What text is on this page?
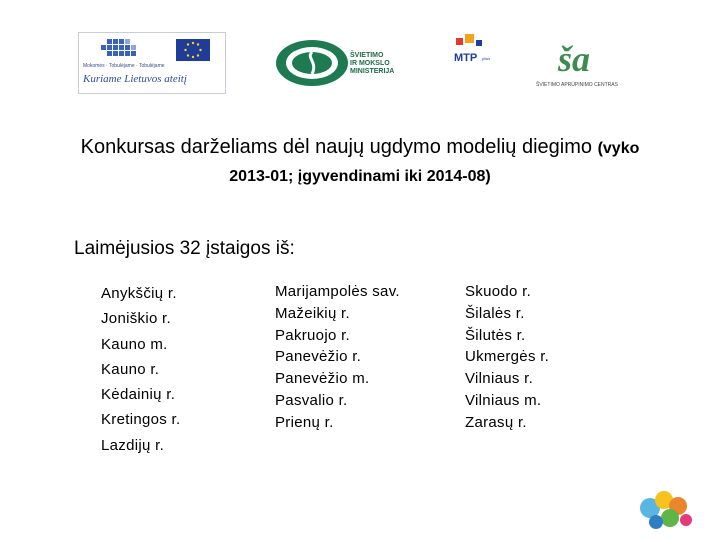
Mokomės · Tobulėjame · Tobulėjame
Kuriame Lietuvos ateitį
ŠVIETIMO
IR MOKSLO
MINISTERIJA
MTP plius ša
ŠVIETIMO APRŪPINIMO CENTRAS
Konkursas darželiams dėl naujų ugdymo modelių diegimo (vyko 2013-01; įgyvendinami iki 2014-08)
Laimėjusios 32 įstaigos iš:
Anykščių r.
Joniškio r.
Kauno m.
Kauno r.
Kėdainių r.
Kretingos r.
Lazdijų r.
Marijampolės sav.
Mažeikių r.
Pakruojo r.
Panevėžio r.
Panevėžio m.
Pasvalio r.
Prienų r.
Skuodo r.
Šilalės r.
Šilutės r.
Ukmergės r.
Vilniaus r.
Vilniaus m.
Zarasų r.
